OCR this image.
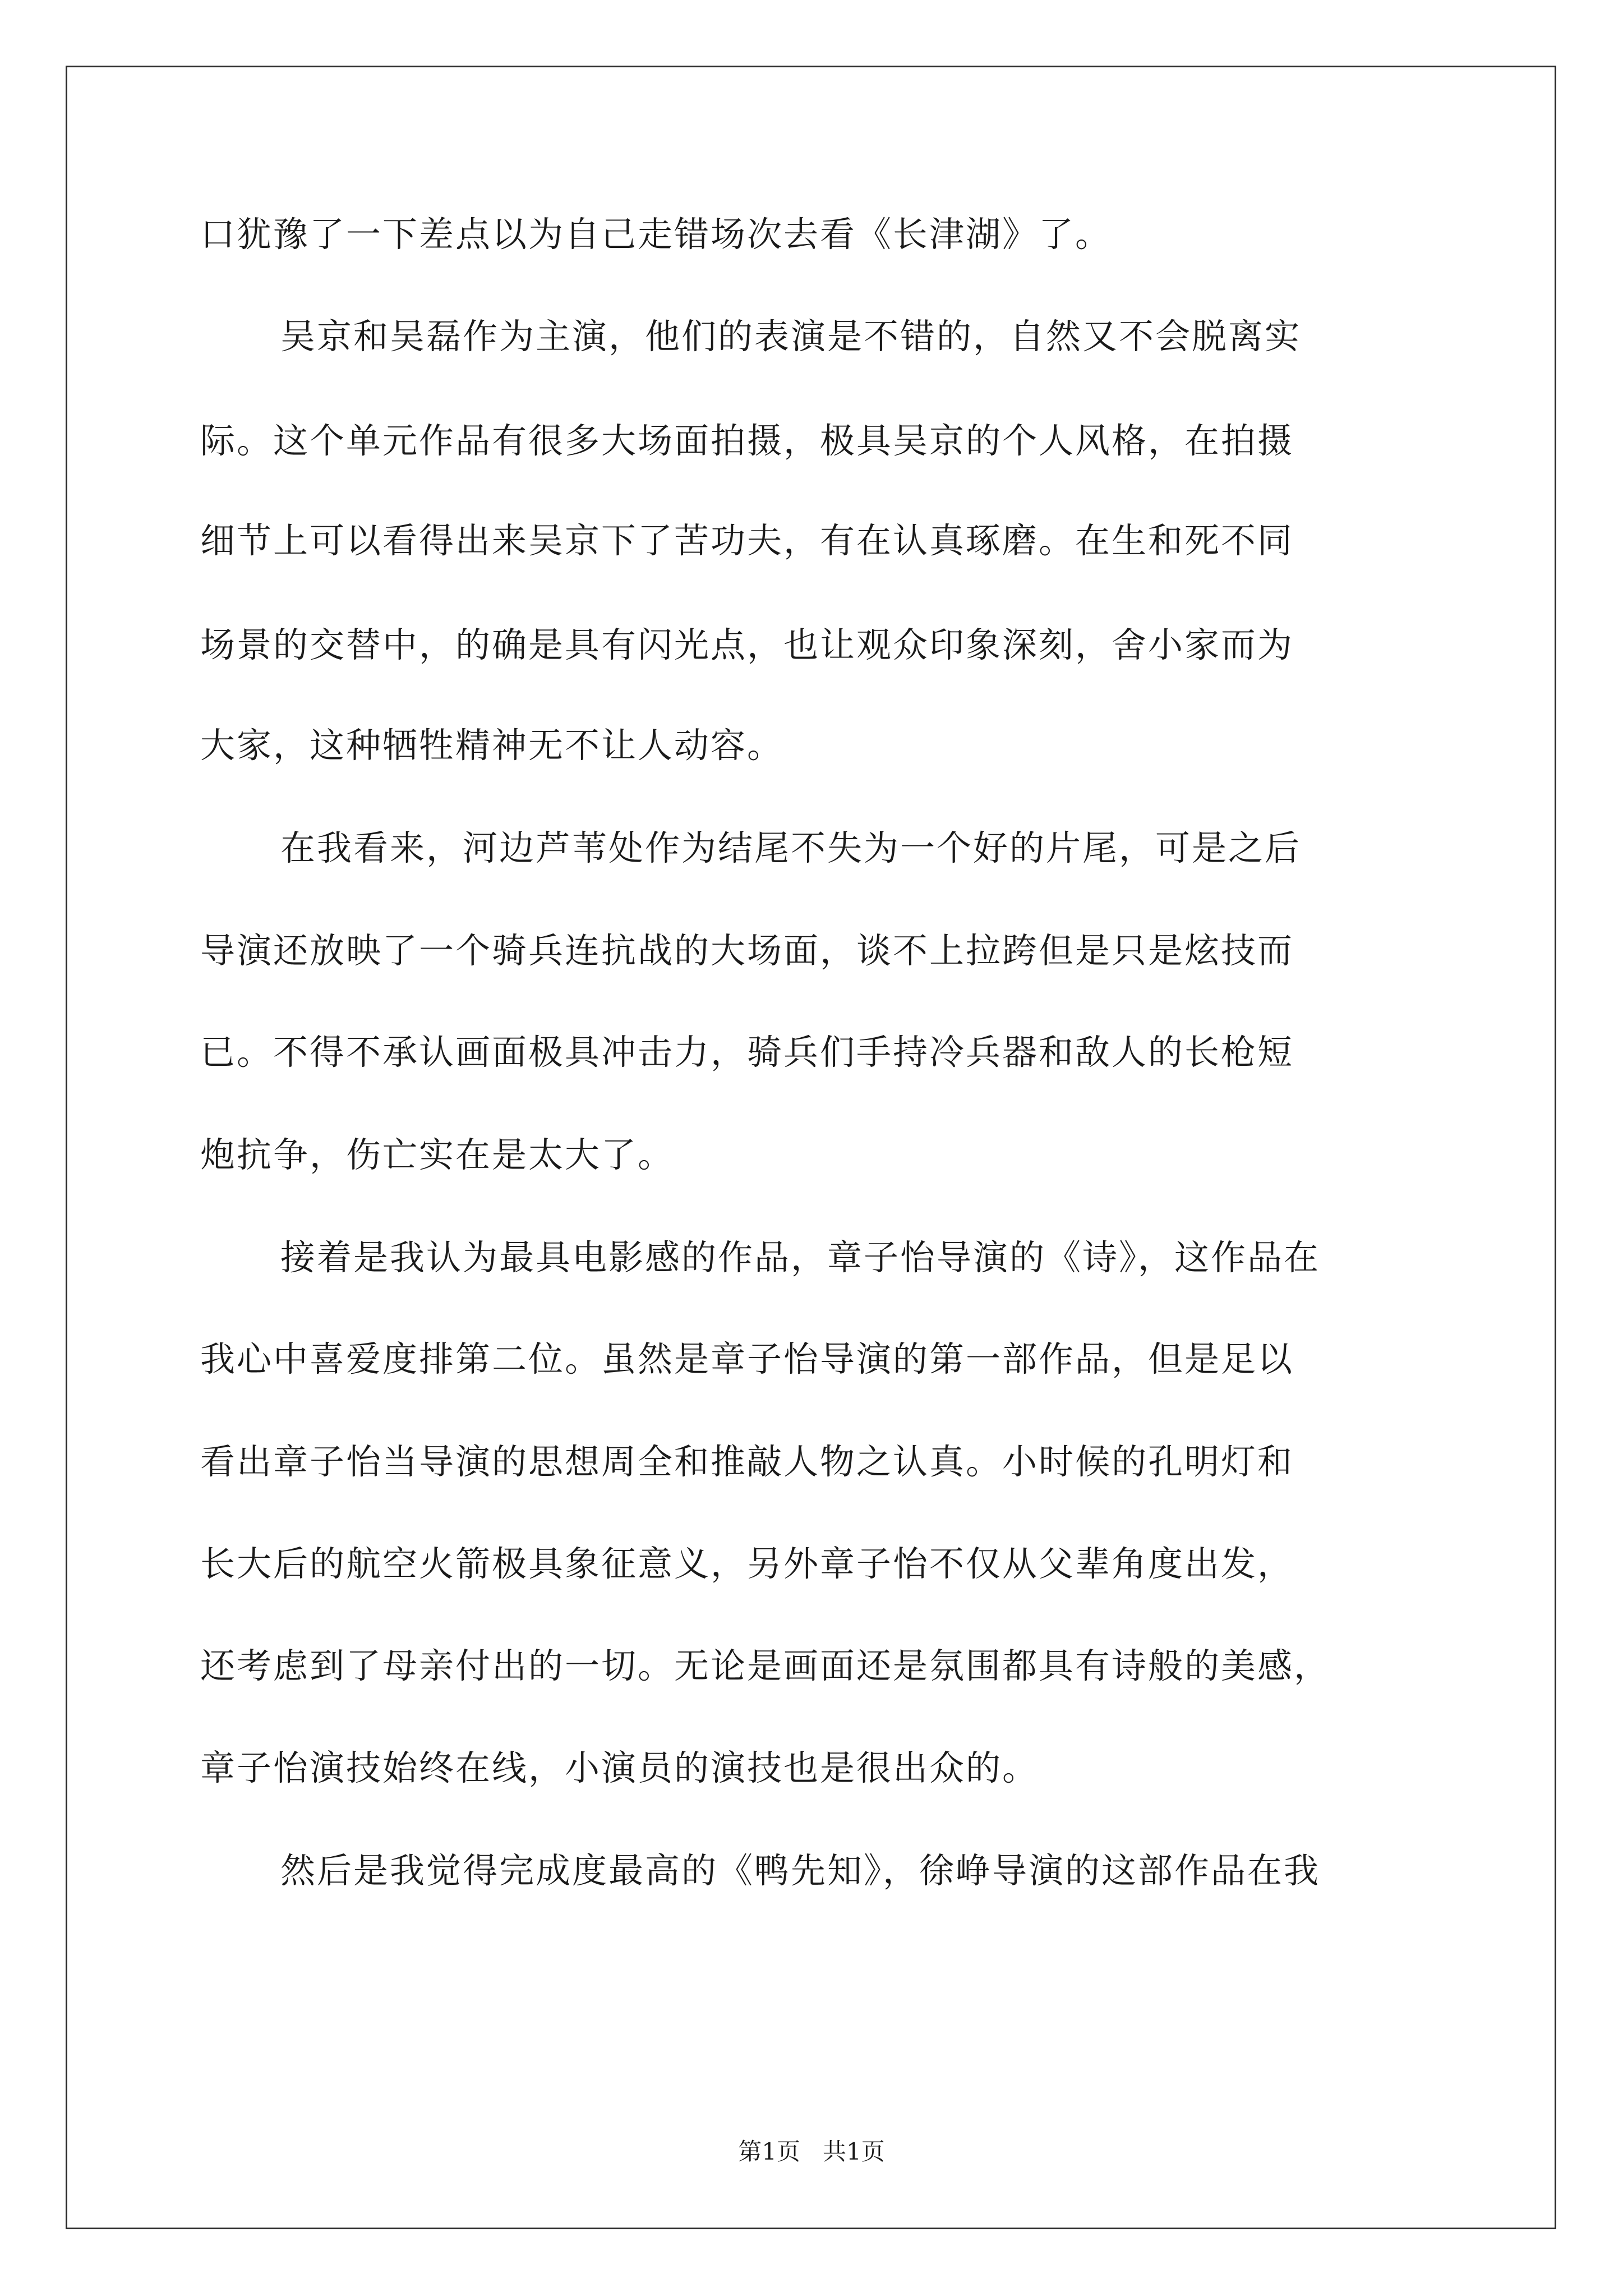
口犹豫了一下差点以为自己走错场次去看《长津湖》了。
吴京和吴磊作为主演，他们的表演是不错的，自然又不会脱离实
际。这个单元作品有很多大场面拍摄，极具吴京的个人风格，在拍摄
细节上可以看得出来吴京下了苦功夫，有在认真琢磨。在生和死不同
场景的交替中，的确是具有闪光点，也让观众印象深刻，舍小家而为
大家，这种牺牲精神无不让人动容。
在我看来，河边芦苇处作为结尾不失为一个好的片尾，可是之后
导演还放映了一个骑兵连抗战的大场面，谈不上拉跨但是只是炫技而
已。不得不承认画面极具冲击力，骑兵们手持冷兵器和敌人的长枪短
炮抗争，伤亡实在是太大了。
接着是我认为最具电影感的作品，章子怡导演的《诗》，这作品在
我心中喜爱度排第二位。虽然是章子怡导演的第一部作品，但是足以
看出章子怡当导演的思想周全和推敲人物之认真。小时候的孔明灯和
长大后的航空火箭极具象征意义，另外章子怡不仅从父辈角度出发，
还考虑到了母亲付出的一切。无论是画面还是氛围都具有诗般的美感，
章子怡演技始终在线，小演员的演技也是很出众的。
然后是我觉得完成度最高的《鸭先知》，徐峥导演的这部作品在我
第1页   共1页
